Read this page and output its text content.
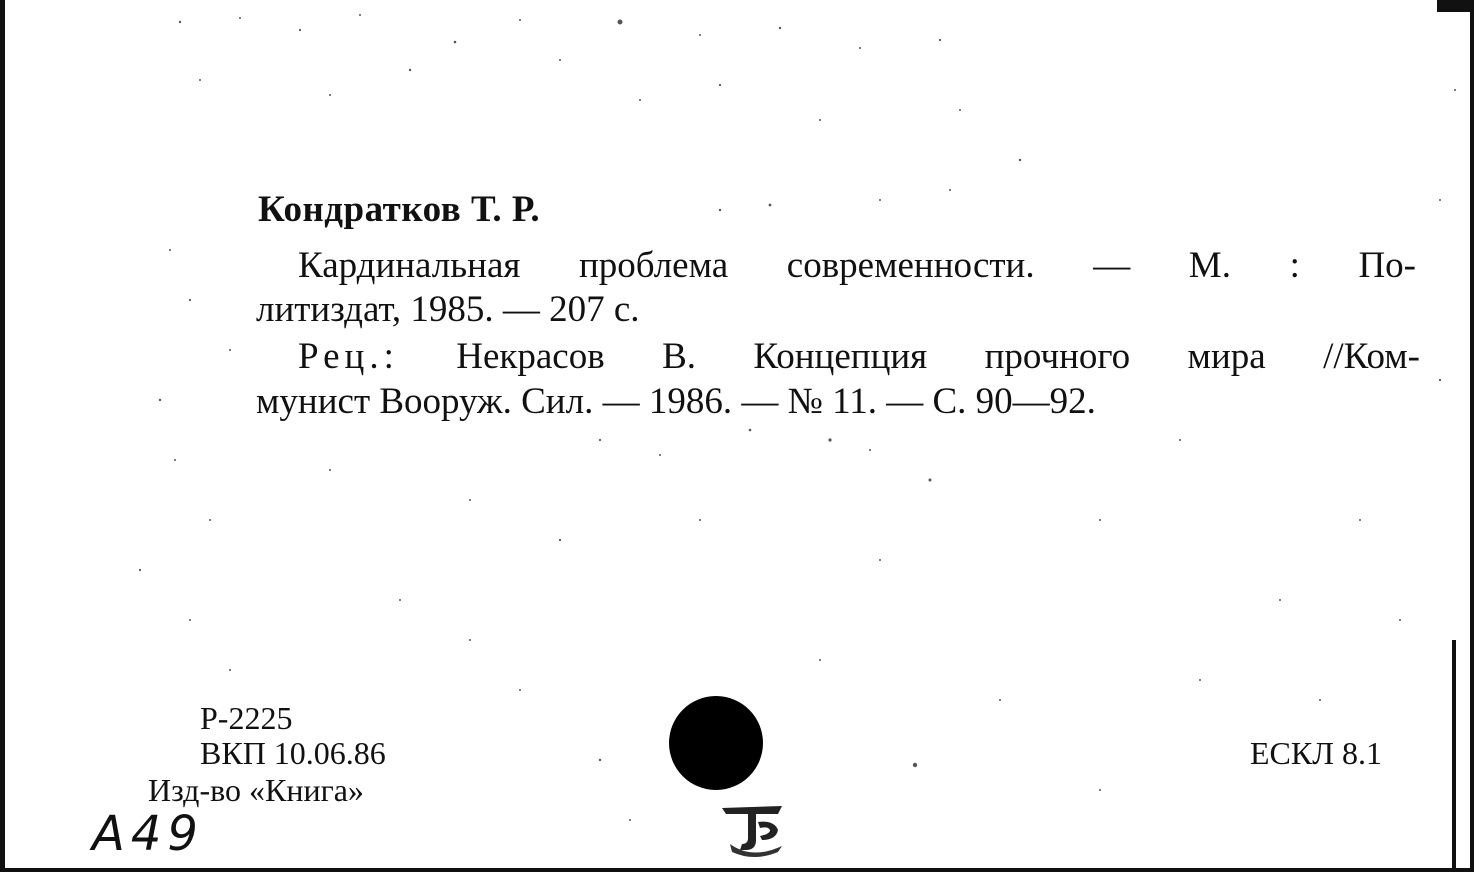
Кондратков Т. Р.
Кардинальная проблема современности. — М. : По-
литиздат, 1985. — 207 с.
Рец.: Некрасов В. Концепция прочного мира //Ком-
мунист Вооруж. Сил. — 1986. — № 11. — С. 90—92.
Р-2225
ВКП 10.06.86
Изд-во «Книга»
ЕСКЛ 8.1
А49
